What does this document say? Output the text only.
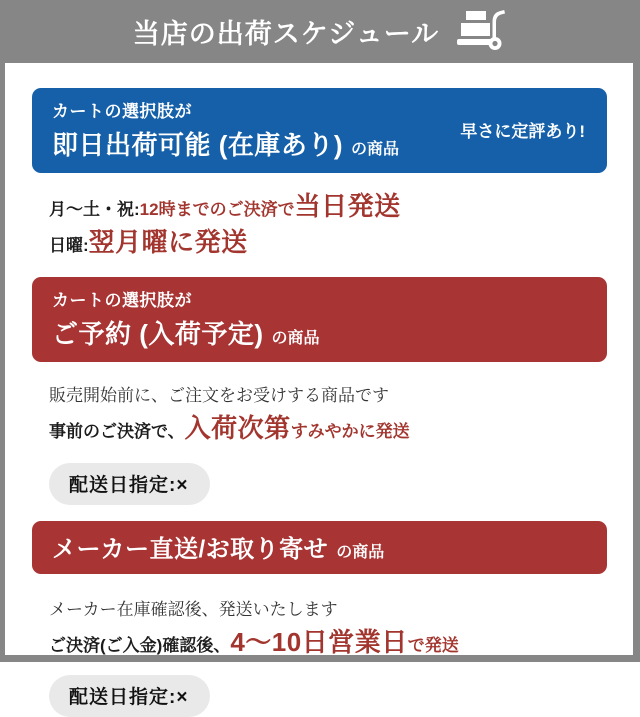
当店の出荷スケジュール
カートの選択肢が
即日出荷可能 (在庫あり) の商品
早さに定評あり!
月〜土・祝:12時までのご決済で当日発送
日曜:翌月曜に発送
カートの選択肢が
ご予約 (入荷予定) の商品
販売開始前に、ご注文をお受けする商品です
事前のご決済で、入荷次第すみやかに発送
配送日指定:×
メーカー直送/お取り寄せ の商品
メーカー在庫確認後、発送いたします
ご決済(ご入金)確認後、4〜10日営業日で発送
配送日指定:×
